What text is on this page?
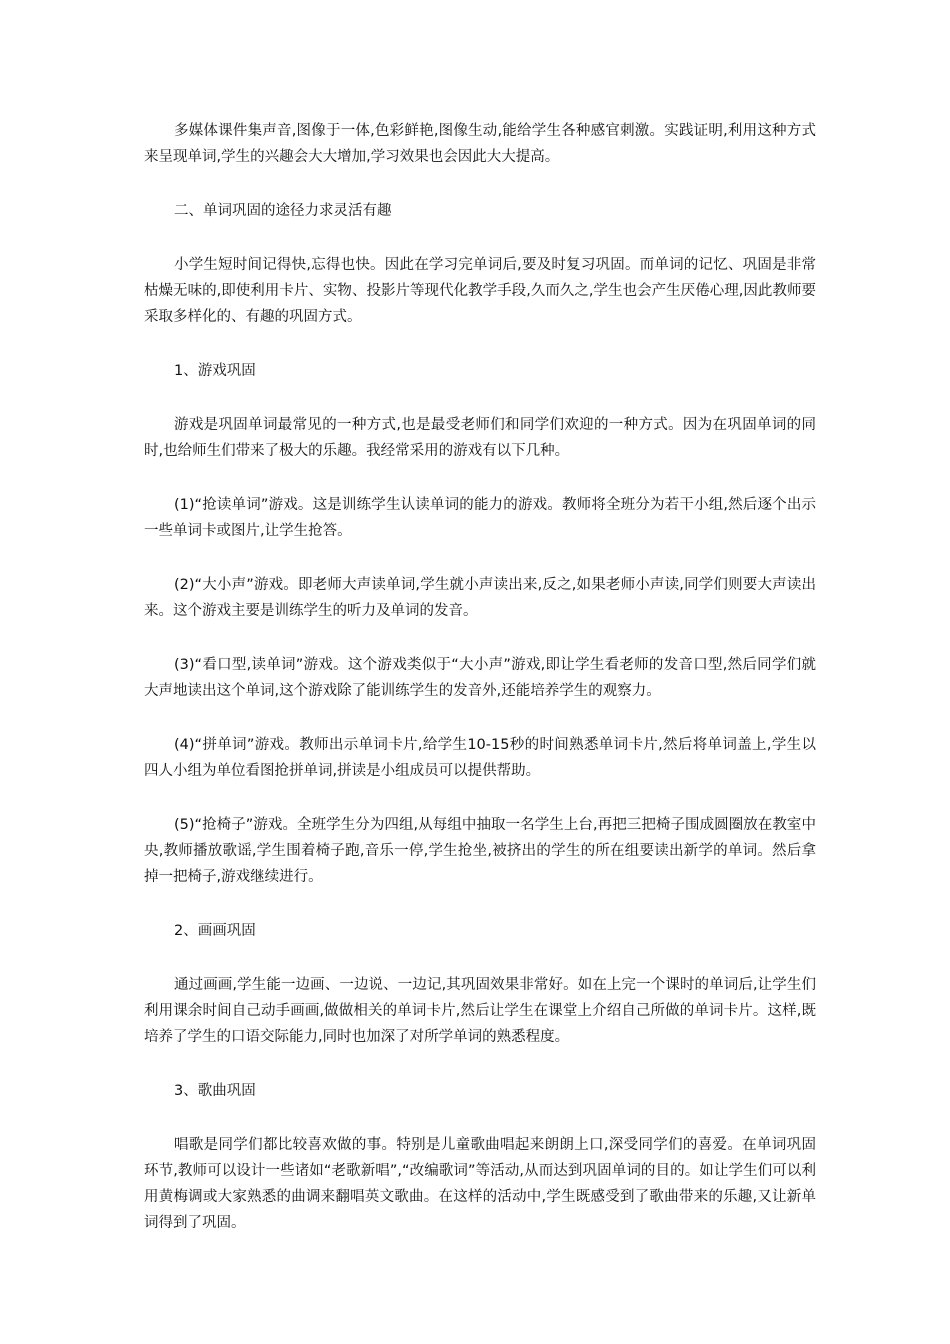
多媒体课件集声音,图像于一体,色彩鲜艳,图像生动,能给学生各种感官刺激。实践证明,利用这种方式来呈现单词,学生的兴趣会大大增加,学习效果也会因此大大提高。

二、单词巩固的途径力求灵活有趣

小学生短时间记得快,忘得也快。因此在学习完单词后,要及时复习巩固。而单词的记忆、巩固是非常枯燥无味的,即使利用卡片、实物、投影片等现代化教学手段,久而久之,学生也会产生厌倦心理,因此教师要采取多样化的、有趣的巩固方式。

1、游戏巩固

游戏是巩固单词最常见的一种方式,也是最受老师们和同学们欢迎的一种方式。因为在巩固单词的同时,也给师生们带来了极大的乐趣。我经常采用的游戏有以下几种。

(1)“抢读单词”游戏。这是训练学生认读单词的能力的游戏。教师将全班分为若干小组,然后逐个出示一些单词卡或图片,让学生抢答。

(2)“大小声”游戏。即老师大声读单词,学生就小声读出来,反之,如果老师小声读,同学们则要大声读出来。这个游戏主要是训练学生的听力及单词的发音。

(3)“看口型,读单词”游戏。这个游戏类似于“大小声”游戏,即让学生看老师的发音口型,然后同学们就大声地读出这个单词,这个游戏除了能训练学生的发音外,还能培养学生的观察力。

(4)“拼单词”游戏。教师出示单词卡片,给学生10-15秒的时间熟悉单词卡片,然后将单词盖上,学生以四人小组为单位看图抢拼单词,拼读是小组成员可以提供帮助。

(5)“抢椅子”游戏。全班学生分为四组,从每组中抽取一名学生上台,再把三把椅子围成圆圈放在教室中央,教师播放歌谣,学生围着椅子跑,音乐一停,学生抢坐,被挤出的学生的所在组要读出新学的单词。然后拿掉一把椅子,游戏继续进行。

2、画画巩固

通过画画,学生能一边画、一边说、一边记,其巩固效果非常好。如在上完一个课时的单词后,让学生们利用课余时间自己动手画画,做做相关的单词卡片,然后让学生在课堂上介绍自己所做的单词卡片。这样,既培养了学生的口语交际能力,同时也加深了对所学单词的熟悉程度。

3、歌曲巩固

唱歌是同学们都比较喜欢做的事。特别是儿童歌曲唱起来朗朗上口,深受同学们的喜爱。在单词巩固环节,教师可以设计一些诸如“老歌新唱”,“改编歌词”等活动,从而达到巩固单词的目的。如让学生们可以利用黄梅调或大家熟悉的曲调来翻唱英文歌曲。在这样的活动中,学生既感受到了歌曲带来的乐趣,又让新单词得到了巩固。
